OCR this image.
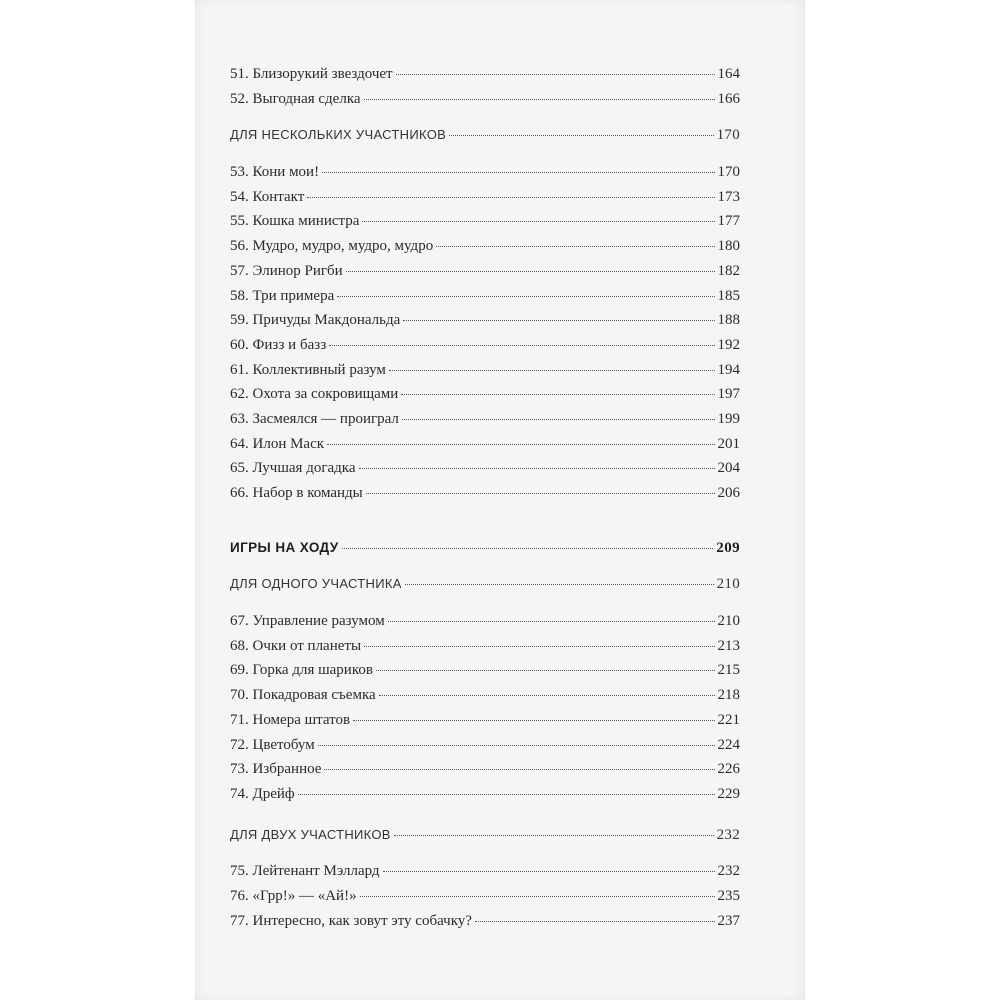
51. Близорукий звездочет	164
52. Выгодная сделка	166
ДЛЯ НЕСКОЛЬКИХ УЧАСТНИКОВ	170
53. Кони мои!	170
54. Контакт	173
55. Кошка министра	177
56. Мудро, мудро, мудро, мудро	180
57. Элинор Ригби	182
58. Три примера	185
59. Причуды Макдональда	188
60. Физз и базз	192
61. Коллективный разум	194
62. Охота за сокровищами	197
63. Засмеялся — проиграл	199
64. Илон Маск	201
65. Лучшая догадка	204
66. Набор в команды	206
ИГРЫ НА ХОДУ	209
ДЛЯ ОДНОГО УЧАСТНИКА	210
67. Управление разумом	210
68. Очки от планеты	213
69. Горка для шариков	215
70. Покадровая съемка	218
71. Номера штатов	221
72. Цветобум	224
73. Избранное	226
74. Дрейф	229
ДЛЯ ДВУХ УЧАСТНИКОВ	232
75. Лейтенант Мэллард	232
76. «Грр!» — «Ай!»	235
77. Интересно, как зовут эту собачку?	237
